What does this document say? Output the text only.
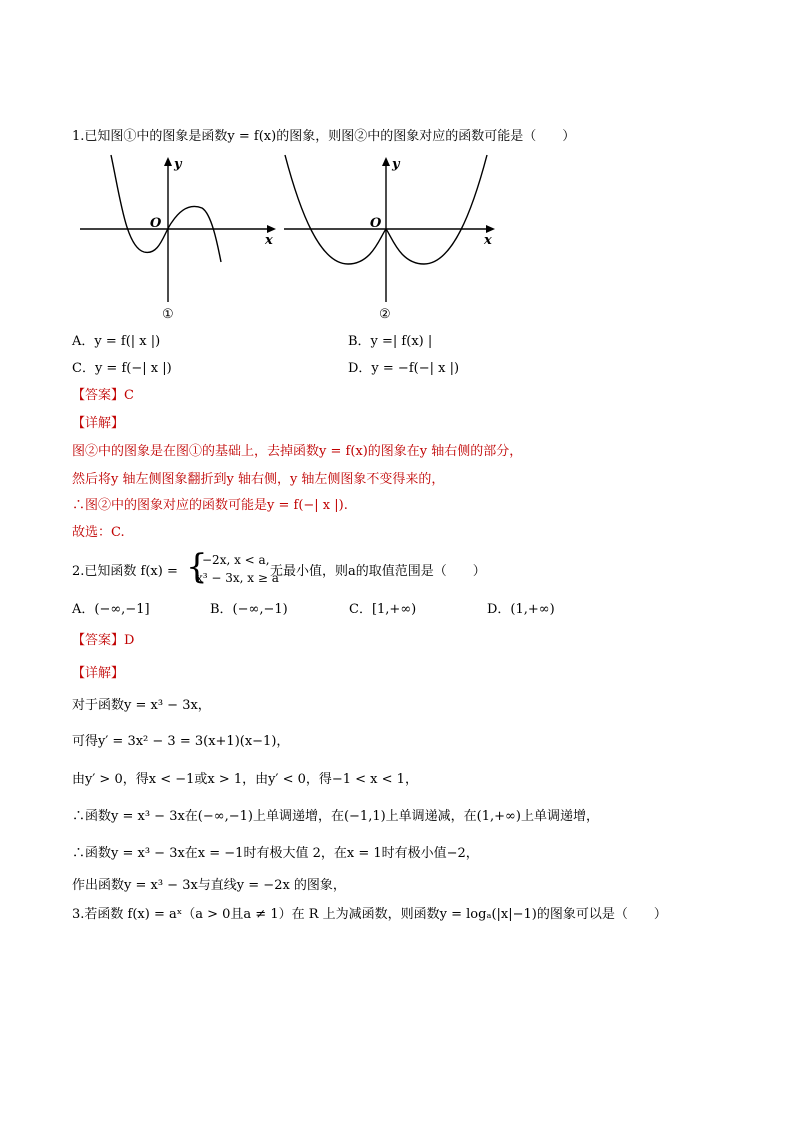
1.已知图①中的图象是函数y = f(x)的图象，则图②中的图象对应的函数可能是（　　）
x
y
O
①
x
y
O
②
A．y = f(| x |)	B．y =| f(x) |
C．y = f(−| x |)	D．y = −f(−| x |)
【答案】C
【详解】
图②中的图象是在图①的基础上，去掉函数y = f(x)的图象在y 轴右侧的部分，
然后将y 轴左侧图象翻折到y 轴右侧，y 轴左侧图象不变得来的，
∴图②中的图象对应的函数可能是y = f(−| x |).
故选：C.
2.已知函数 f(x) = {
−2x, x < a,
x³ − 3x, x ≥ a
无最小值，则a的取值范围是（　　）
A．(−∞,−1]	B．(−∞,−1)	C．[1,+∞)	D．(1,+∞)
【答案】D
【详解】
对于函数y = x³ − 3x，
可得y′ = 3x² − 3 = 3(x+1)(x−1)，
由y′ > 0，得x < −1或x > 1，由y′ < 0，得−1 < x < 1，
∴函数y = x³ − 3x在(−∞,−1)上单调递增，在(−1,1)上单调递减，在(1,+∞)上单调递增，
∴函数y = x³ − 3x在x = −1时有极大值 2，在x = 1时有极小值−2，
作出函数y = x³ − 3x与直线y = −2x 的图象，
3.若函数 f(x) = aˣ（a > 0且a ≠ 1）在 R 上为减函数，则函数y = logₐ(|x|−1)的图象可以是（　　）
